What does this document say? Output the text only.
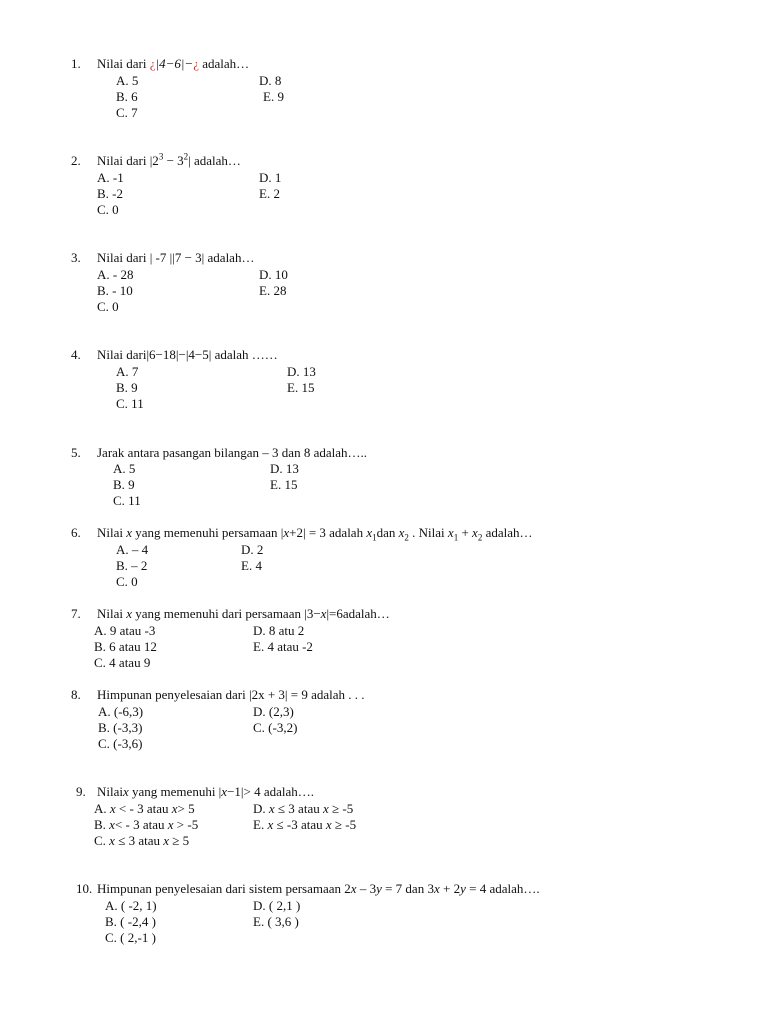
1. Nilai dari ¿|4−6|−¿ adalah…
A. 5
B. 6
C. 7
D. 8
E. 9
2. Nilai dari $|2^3 - 3^2|$ adalah…
A. -1
B. -2
C. 0
D. 1
E. 2
3. Nilai dari | -7 ||7 − 3| adalah…
A. - 28
B. - 10
C. 0
D. 10
E. 28
4. Nilai dari|6−18|−|4−5| adalah ……
A. 7
B. 9
C. 11
D. 13
E. 15
5. Jarak antara pasangan bilangan – 3 dan 8 adalah…..
A. 5
B. 9
C. 11
D. 13
E. 15
6. Nilai x yang memenuhi persamaan |x+2| = 3 adalah $x_1dan$ $x_2$ . Nilai $x_1 + x_2$ adalah…
A. – 4
B. – 2
C. 0
D. 2
E. 4
7. Nilai x yang memenuhi dari persamaan |3−x|=6adalah…
A. 9 atau -3
B. 6 atau 12
C. 4 atau 9
D. 8 atu 2
E. 4 atau -2
8. Himpunan penyelesaian dari |2x + 3| = 9 adalah . . .
A. (-6,3)
B. (-3,3)
C. (-3,6)
D. (2,3)
C. (-3,2)
9. Nilaix yang memenuhi |x−1|> 4 adalah….
A. x < - 3 atau x> 5
B. x< - 3 atau x > -5
C. x ≤ 3 atau x ≥ 5
D. x ≤ 3 atau x ≥ -5
E. x ≤ -3 atau x ≥ -5
10. Himpunan penyelesaian dari sistem persamaan 2x – 3y = 7 dan 3x + 2y = 4 adalah….
A. ( -2, 1)
B. ( -2,4 )
C. ( 2,-1 )
D. ( 2,1 )
E. ( 3,6 )
